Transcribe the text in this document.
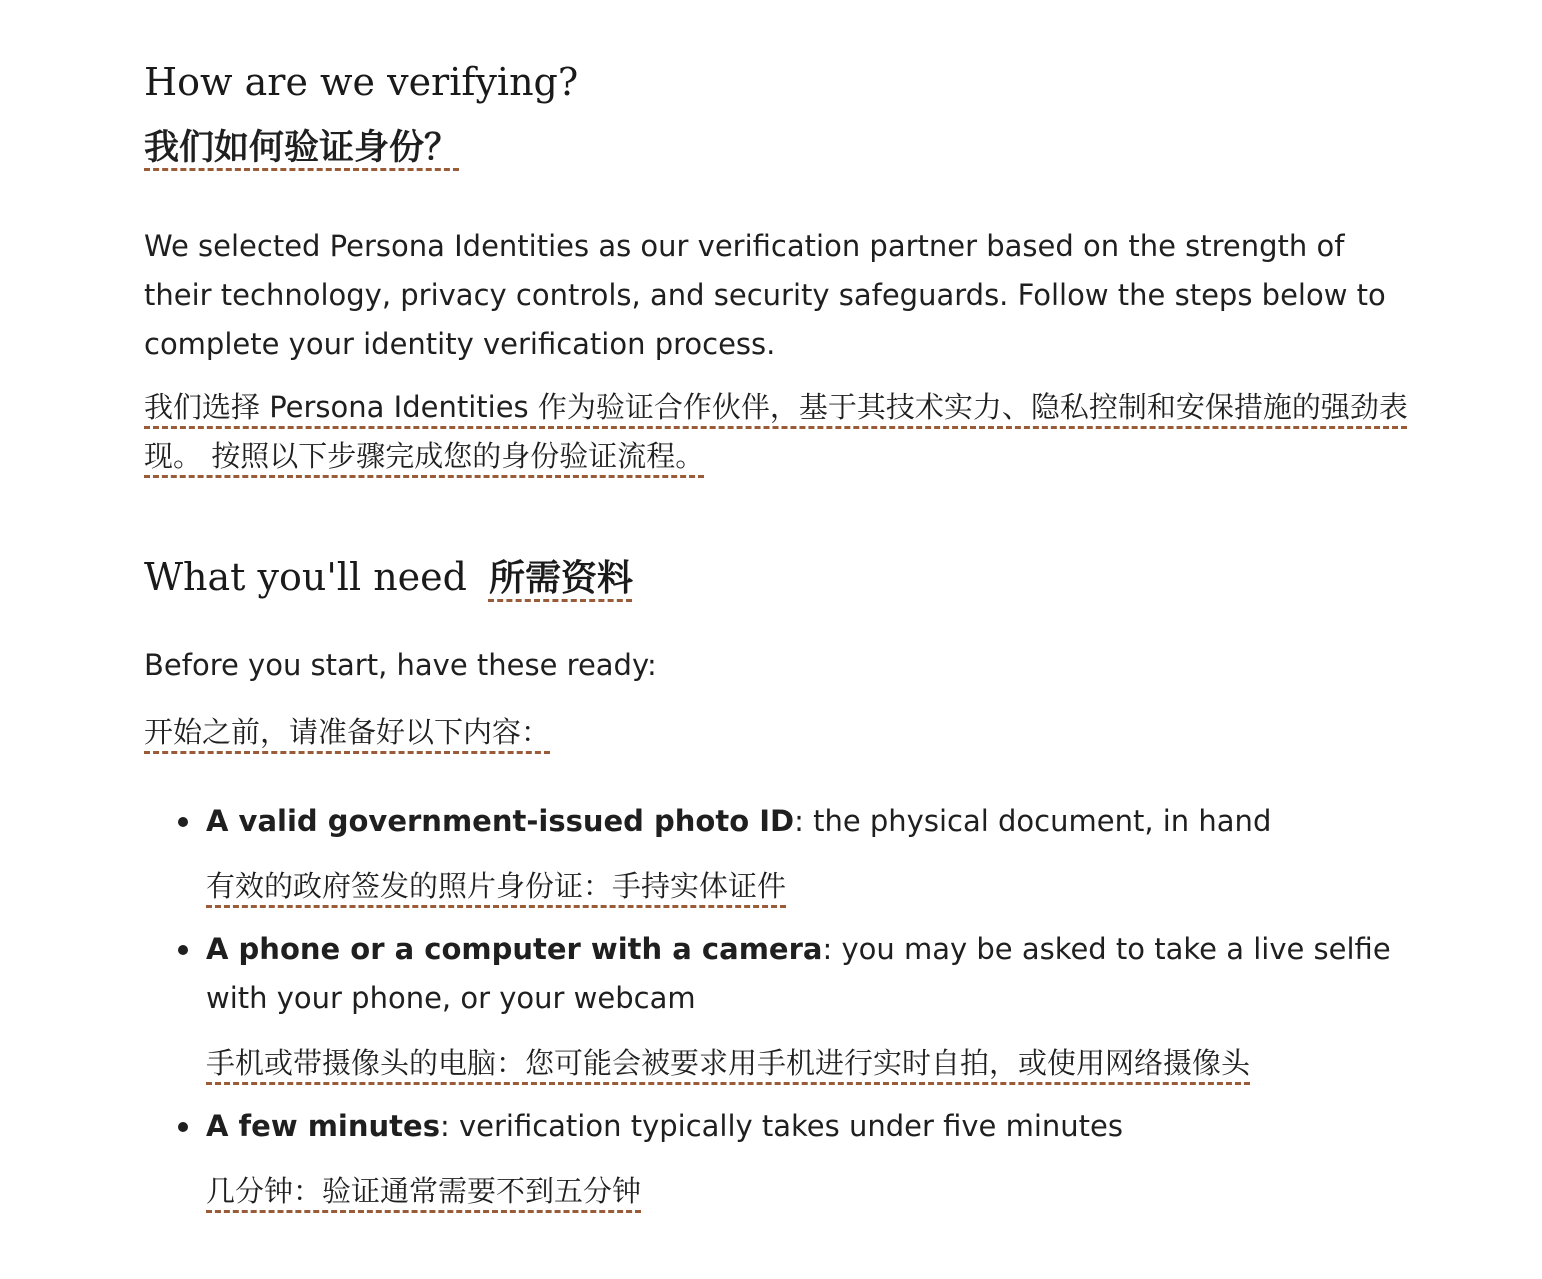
How are we verifying?
我们如何验证身份？

We selected Persona Identities as our verification partner based on the strength of their technology, privacy controls, and security safeguards. Follow the steps below to complete your identity verification process.

我们选择 Persona Identities 作为验证合作伙伴，基于其技术实力、隐私控制和安保措施的强劲表现。 按照以下步骤完成您的身份验证流程。

What you'll need 所需资料

Before you start, have these ready:

开始之前，请准备好以下内容：

A valid government-issued photo ID: the physical document, in hand

有效的政府签发的照片身份证：手持实体证件

A phone or a computer with a camera: you may be asked to take a live selfie with your phone, or your webcam

手机或带摄像头的电脑：您可能会被要求用手机进行实时自拍，或使用网络摄像头

A few minutes: verification typically takes under five minutes

几分钟：验证通常需要不到五分钟
